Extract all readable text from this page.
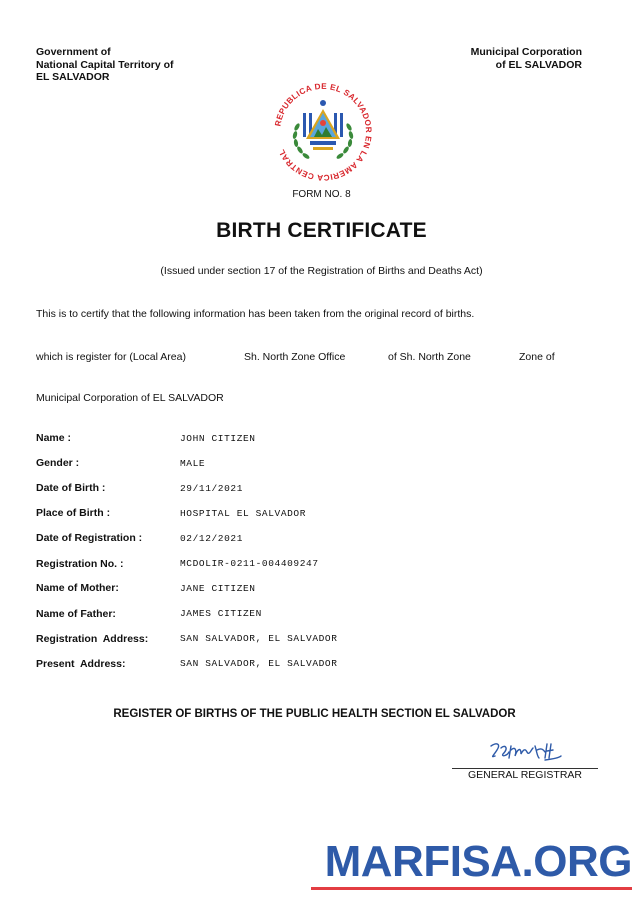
Government of
National Capital Territory of
EL SALVADOR
Municipal Corporation
of EL SALVADOR
REPUBLICA DE EL SALVADOR EN LA AMERICA CENTRAL
FORM NO. 8
BIRTH CERTIFICATE
(Issued under section 17 of the Registration of Births and Deaths Act)
This is to certify that the following information has been taken from the original record of births.
which is register for (Local Area)	Sh. North Zone Office	of Sh. North Zone	Zone of
Municipal Corporation of EL SALVADOR
Name :	JOHN CITIZEN
Gender :	MALE
Date of Birth :	29/11/2021
Place of Birth :	HOSPITAL EL SALVADOR
Date of Registration :	02/12/2021
Registration No. :	MCDOLIR-0211-004409247
Name of Mother:	JANE CITIZEN
Name of Father:	JAMES CITIZEN
Registration  Address:	SAN SALVADOR, EL SALVADOR
Present  Address:	SAN SALVADOR, EL SALVADOR
REGISTER OF BIRTHS OF THE PUBLIC HEALTH SECTION EL SALVADOR
GENERAL REGISTRAR
MARFISA.ORG
